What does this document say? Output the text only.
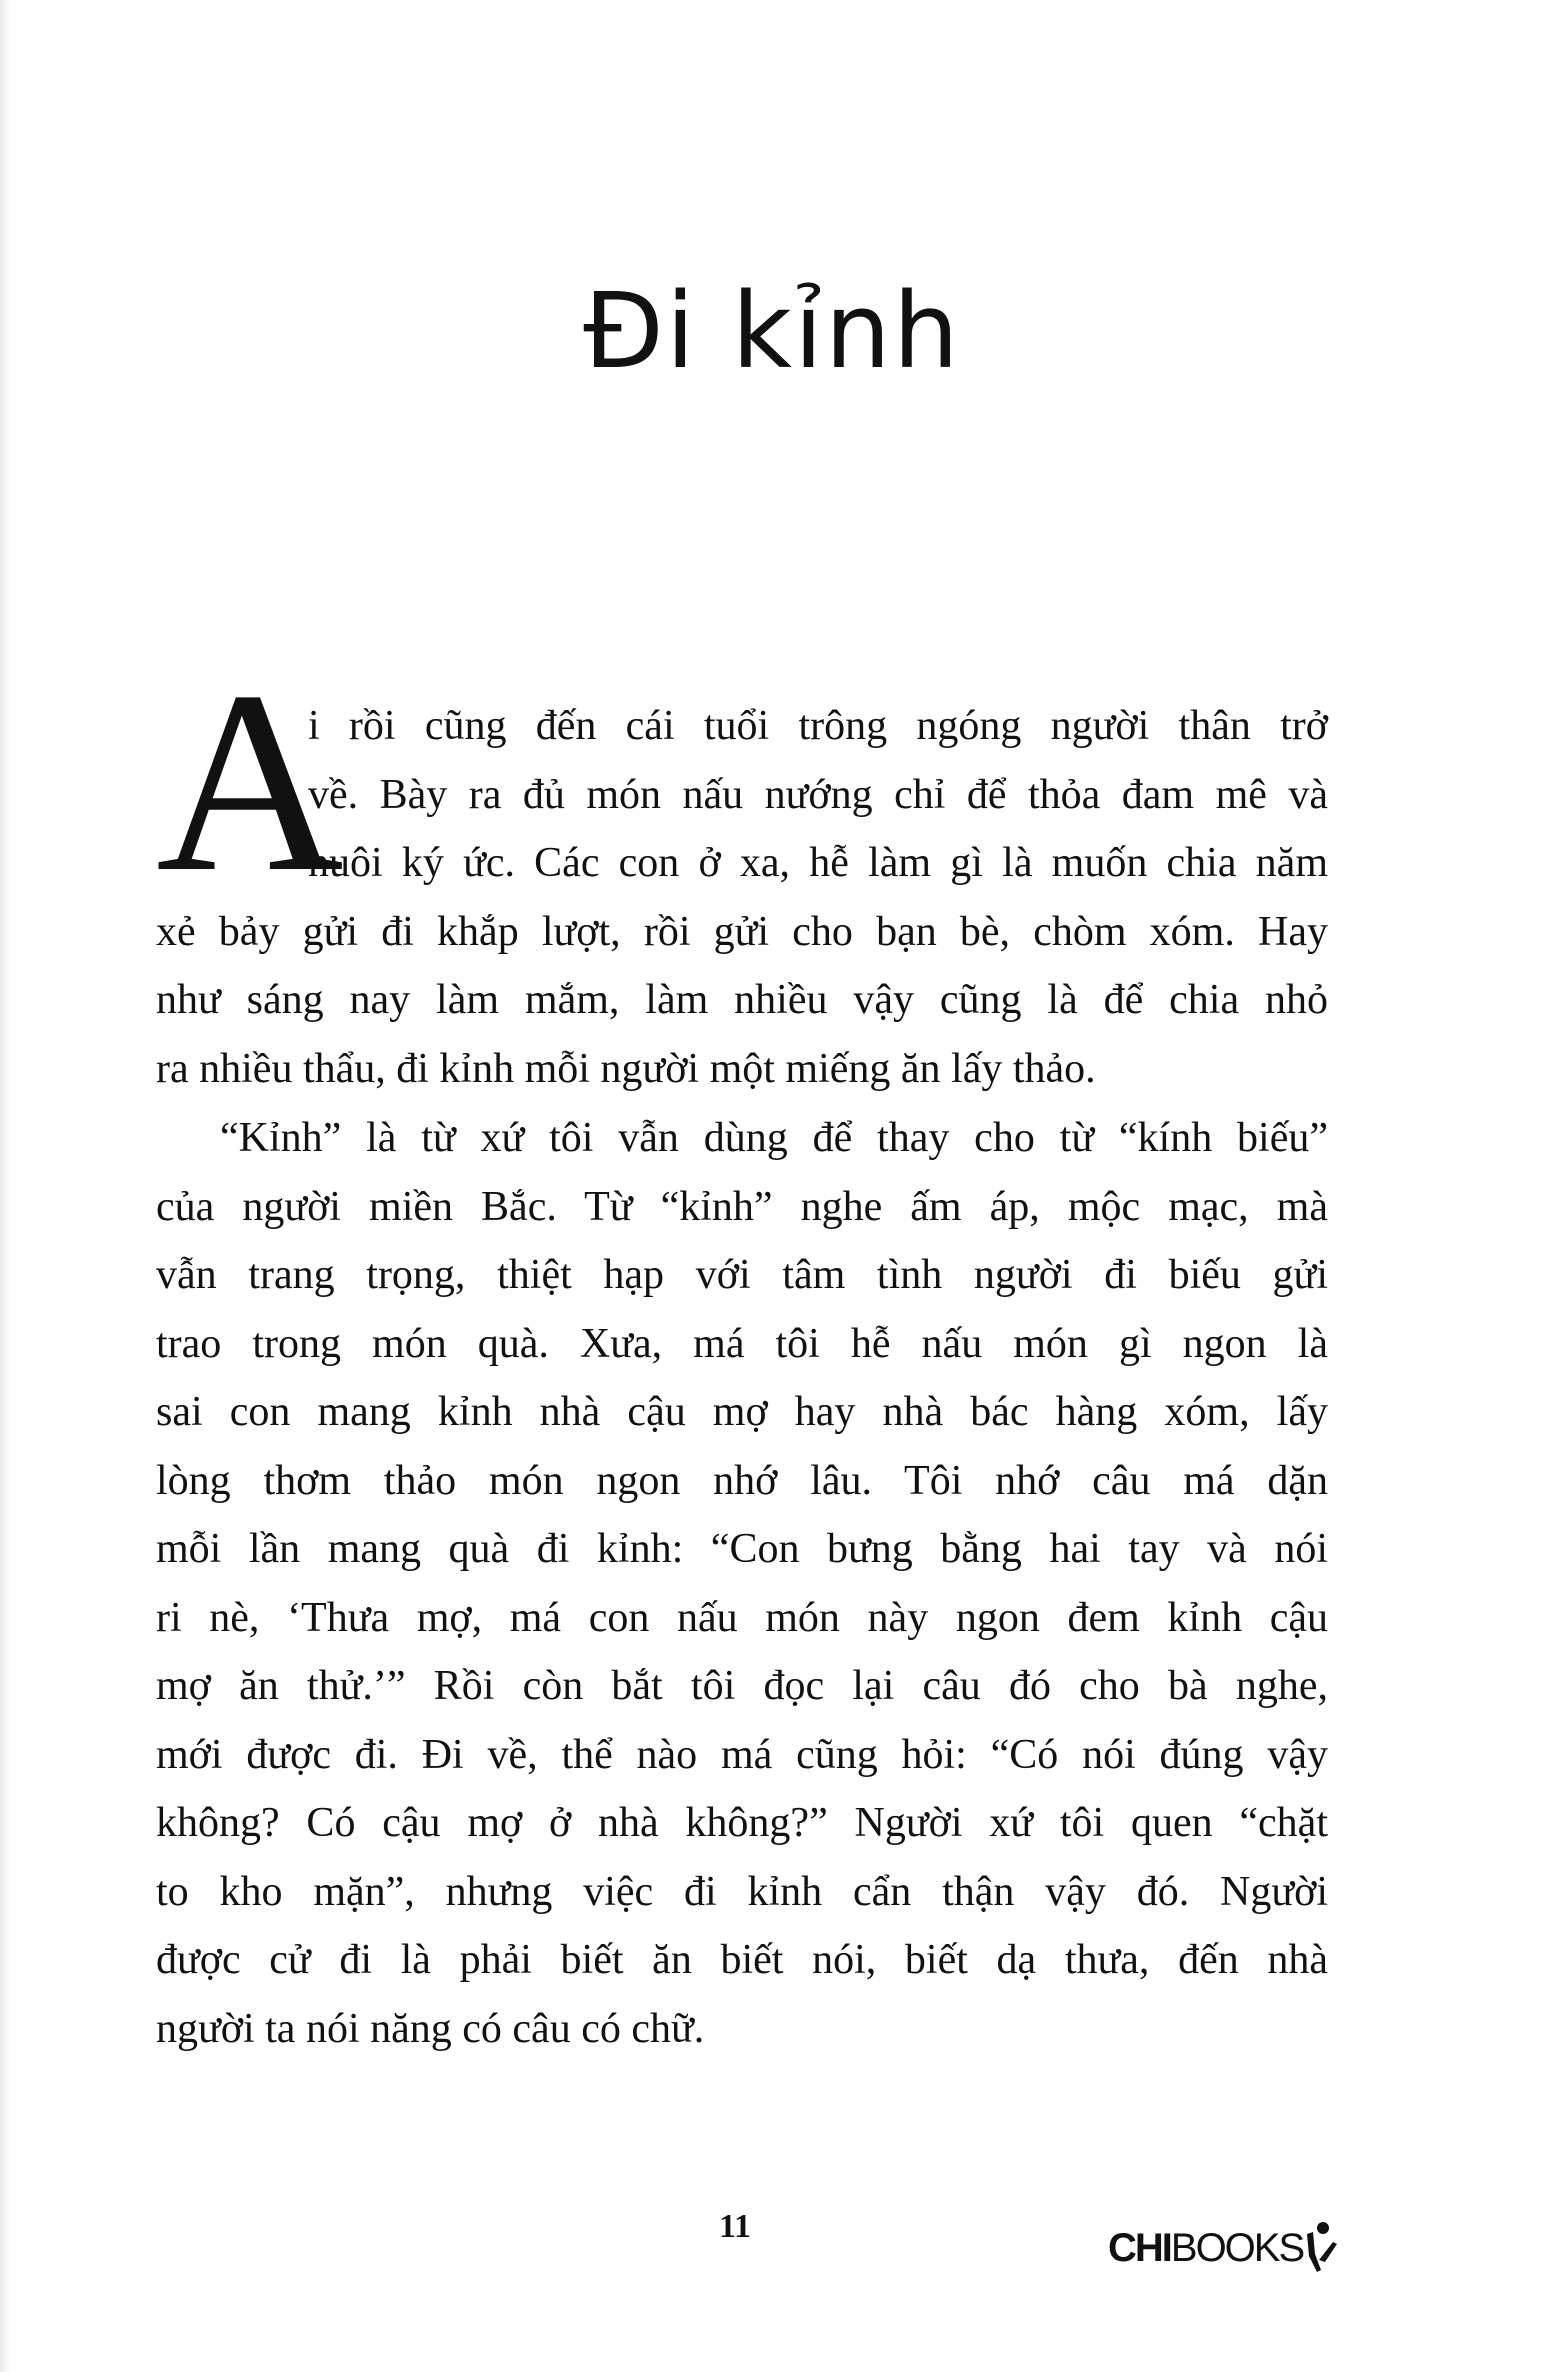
Đi kỉnh
A
i rồi cũng đến cái tuổi trông ngóng người thân trở
về. Bày ra đủ món nấu nướng chỉ để thỏa đam mê và
nuôi ký ức. Các con ở xa, hễ làm gì là muốn chia năm
xẻ bảy gửi đi khắp lượt, rồi gửi cho bạn bè, chòm xóm. Hay
như sáng nay làm mắm, làm nhiều vậy cũng là để chia nhỏ
ra nhiều thẩu, đi kỉnh mỗi người một miếng ăn lấy thảo.
“Kỉnh” là từ xứ tôi vẫn dùng để thay cho từ “kính biếu”
của người miền Bắc. Từ “kỉnh” nghe ấm áp, mộc mạc, mà
vẫn trang trọng, thiệt hạp với tâm tình người đi biếu gửi
trao trong món quà. Xưa, má tôi hễ nấu món gì ngon là
sai con mang kỉnh nhà cậu mợ hay nhà bác hàng xóm, lấy
lòng thơm thảo món ngon nhớ lâu. Tôi nhớ câu má dặn
mỗi lần mang quà đi kỉnh: “Con bưng bằng hai tay và nói
ri nè, ‘Thưa mợ, má con nấu món này ngon đem kỉnh cậu
mợ ăn thử.’” Rồi còn bắt tôi đọc lại câu đó cho bà nghe,
mới được đi. Đi về, thể nào má cũng hỏi: “Có nói đúng vậy
không? Có cậu mợ ở nhà không?” Người xứ tôi quen “chặt
to kho mặn”, nhưng việc đi kỉnh cẩn thận vậy đó. Người
được cử đi là phải biết ăn biết nói, biết dạ thưa, đến nhà
người ta nói năng có câu có chữ.
11	CHI BOOKS
